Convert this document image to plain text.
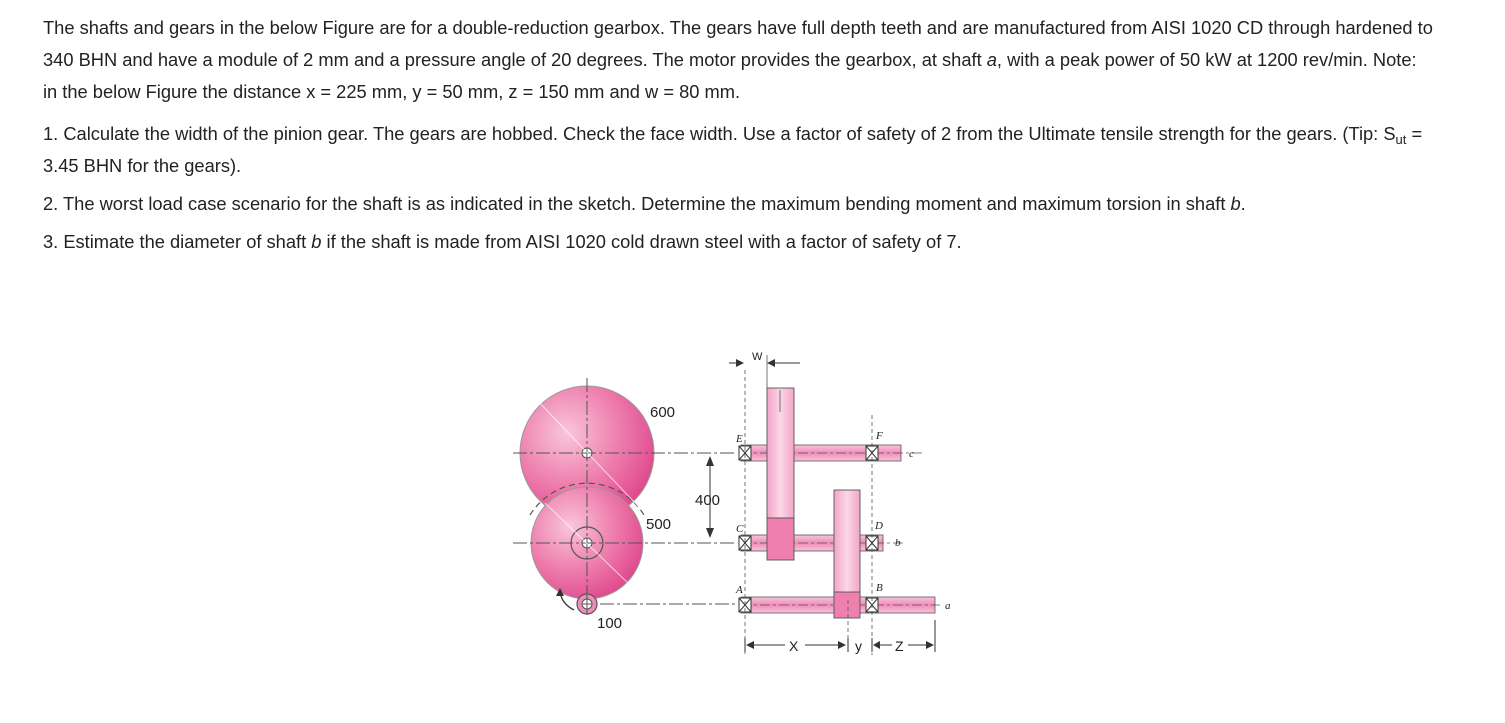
The shafts and gears in the below Figure are for a double-reduction gearbox. The gears have full depth teeth and are manufactured from AISI 1020 CD through hardened to 340 BHN and have a module of 2 mm and a pressure angle of 20 degrees. The motor provides the gearbox, at shaft a, with a peak power of 50 kW at 1200 rev/min. Note: in the below Figure the distance x = 225 mm, y = 50 mm, z = 150 mm and w = 80 mm.

1. Calculate the width of the pinion gear. The gears are hobbed. Check the face width. Use a factor of safety of 2 from the Ultimate tensile strength for the gears. (Tip: $S_{ut} = 3.45$ BHN for the gears).

2. The worst load case scenario for the shaft is as indicated in the sketch. Determine the maximum bending moment and maximum torsion in shaft b.

3. Estimate the diameter of shaft b if the shaft is made from AISI 1020 cold drawn steel with a factor of safety of 7.

600
500
100
400
W
E	F
C	D
A	B
c
b
a
X	y Z
